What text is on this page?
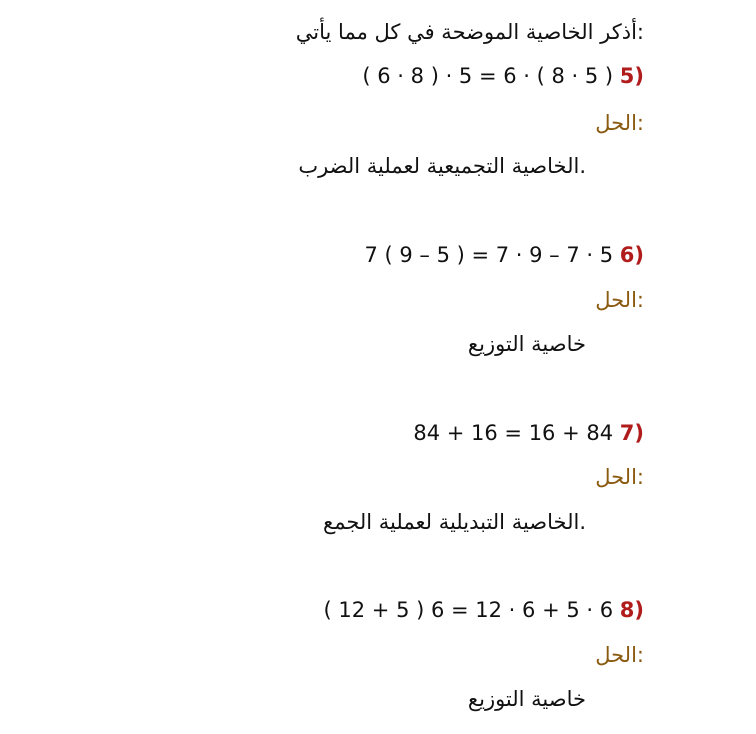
أذكر الخاصية الموضحة في كل مما يأتي:
( 6 · 8 ) · 5 = 6 · ( 8 · 5 ) 5)
الحل:
الخاصية التجميعية لعملية الضرب.
7 ( 9 – 5 ) = 7 · 9 – 7 · 5 6)
الحل:
خاصية التوزيع
84 + 16 = 16 + 84 7)
الحل:
الخاصية التبديلية لعملية الجمع.
( 12 + 5 ) 6 = 12 · 6 + 5 · 6 8)
الحل:
خاصية التوزيع
